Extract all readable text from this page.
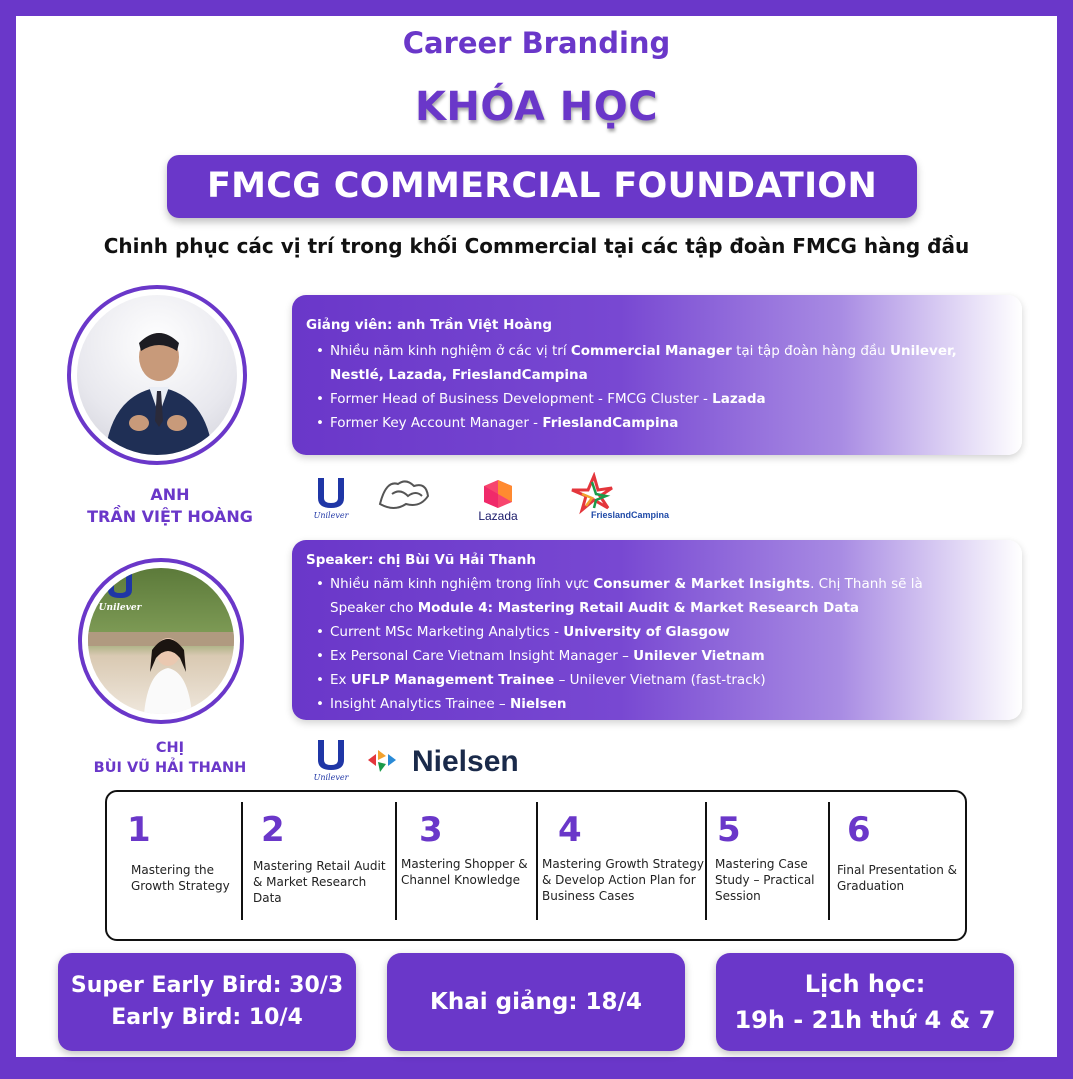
Career Branding
KHÓA HỌC
FMCG COMMERCIAL FOUNDATION
Chinh phục các vị trí trong khối Commercial tại các tập đoàn FMCG hàng đầu
ANH
TRẦN VIỆT HOÀNG
Giảng viên: anh Trần Việt Hoàng
• Nhiều năm kinh nghiệm ở các vị trí Commercial Manager tại tập đoàn hàng đầu Unilever, Nestlé, Lazada, FrieslandCampina
• Former Head of Business Development - FMCG Cluster - Lazada
• Former Key Account Manager - FrieslandCampina
Unilever	Lazada	FrieslandCampina
Unilever
CHỊ
BÙI VŨ HẢI THANH
Speaker: chị Bùi Vũ Hải Thanh
• Nhiều năm kinh nghiệm trong lĩnh vực Consumer & Market Insights. Chị Thanh sẽ là Speaker cho Module 4: Mastering Retail Audit & Market Research Data
• Current MSc Marketing Analytics - University of Glasgow
• Ex Personal Care Vietnam Insight Manager – Unilever Vietnam
• Ex UFLP Management Trainee – Unilever Vietnam (fast-track)
• Insight Analytics Trainee – Nielsen
Unilever Nielsen
1
Mastering the Growth Strategy
2
Mastering Retail Audit & Market Research Data
3
Mastering Shopper & Channel Knowledge
4
Mastering Growth Strategy & Develop Action Plan for Business Cases
5
Mastering Case Study – Practical Session
6
Final Presentation & Graduation
Super Early Bird: 30/3
Early Bird: 10/4
Khai giảng: 18/4
Lịch học:
19h - 21h thứ 4 & 7
